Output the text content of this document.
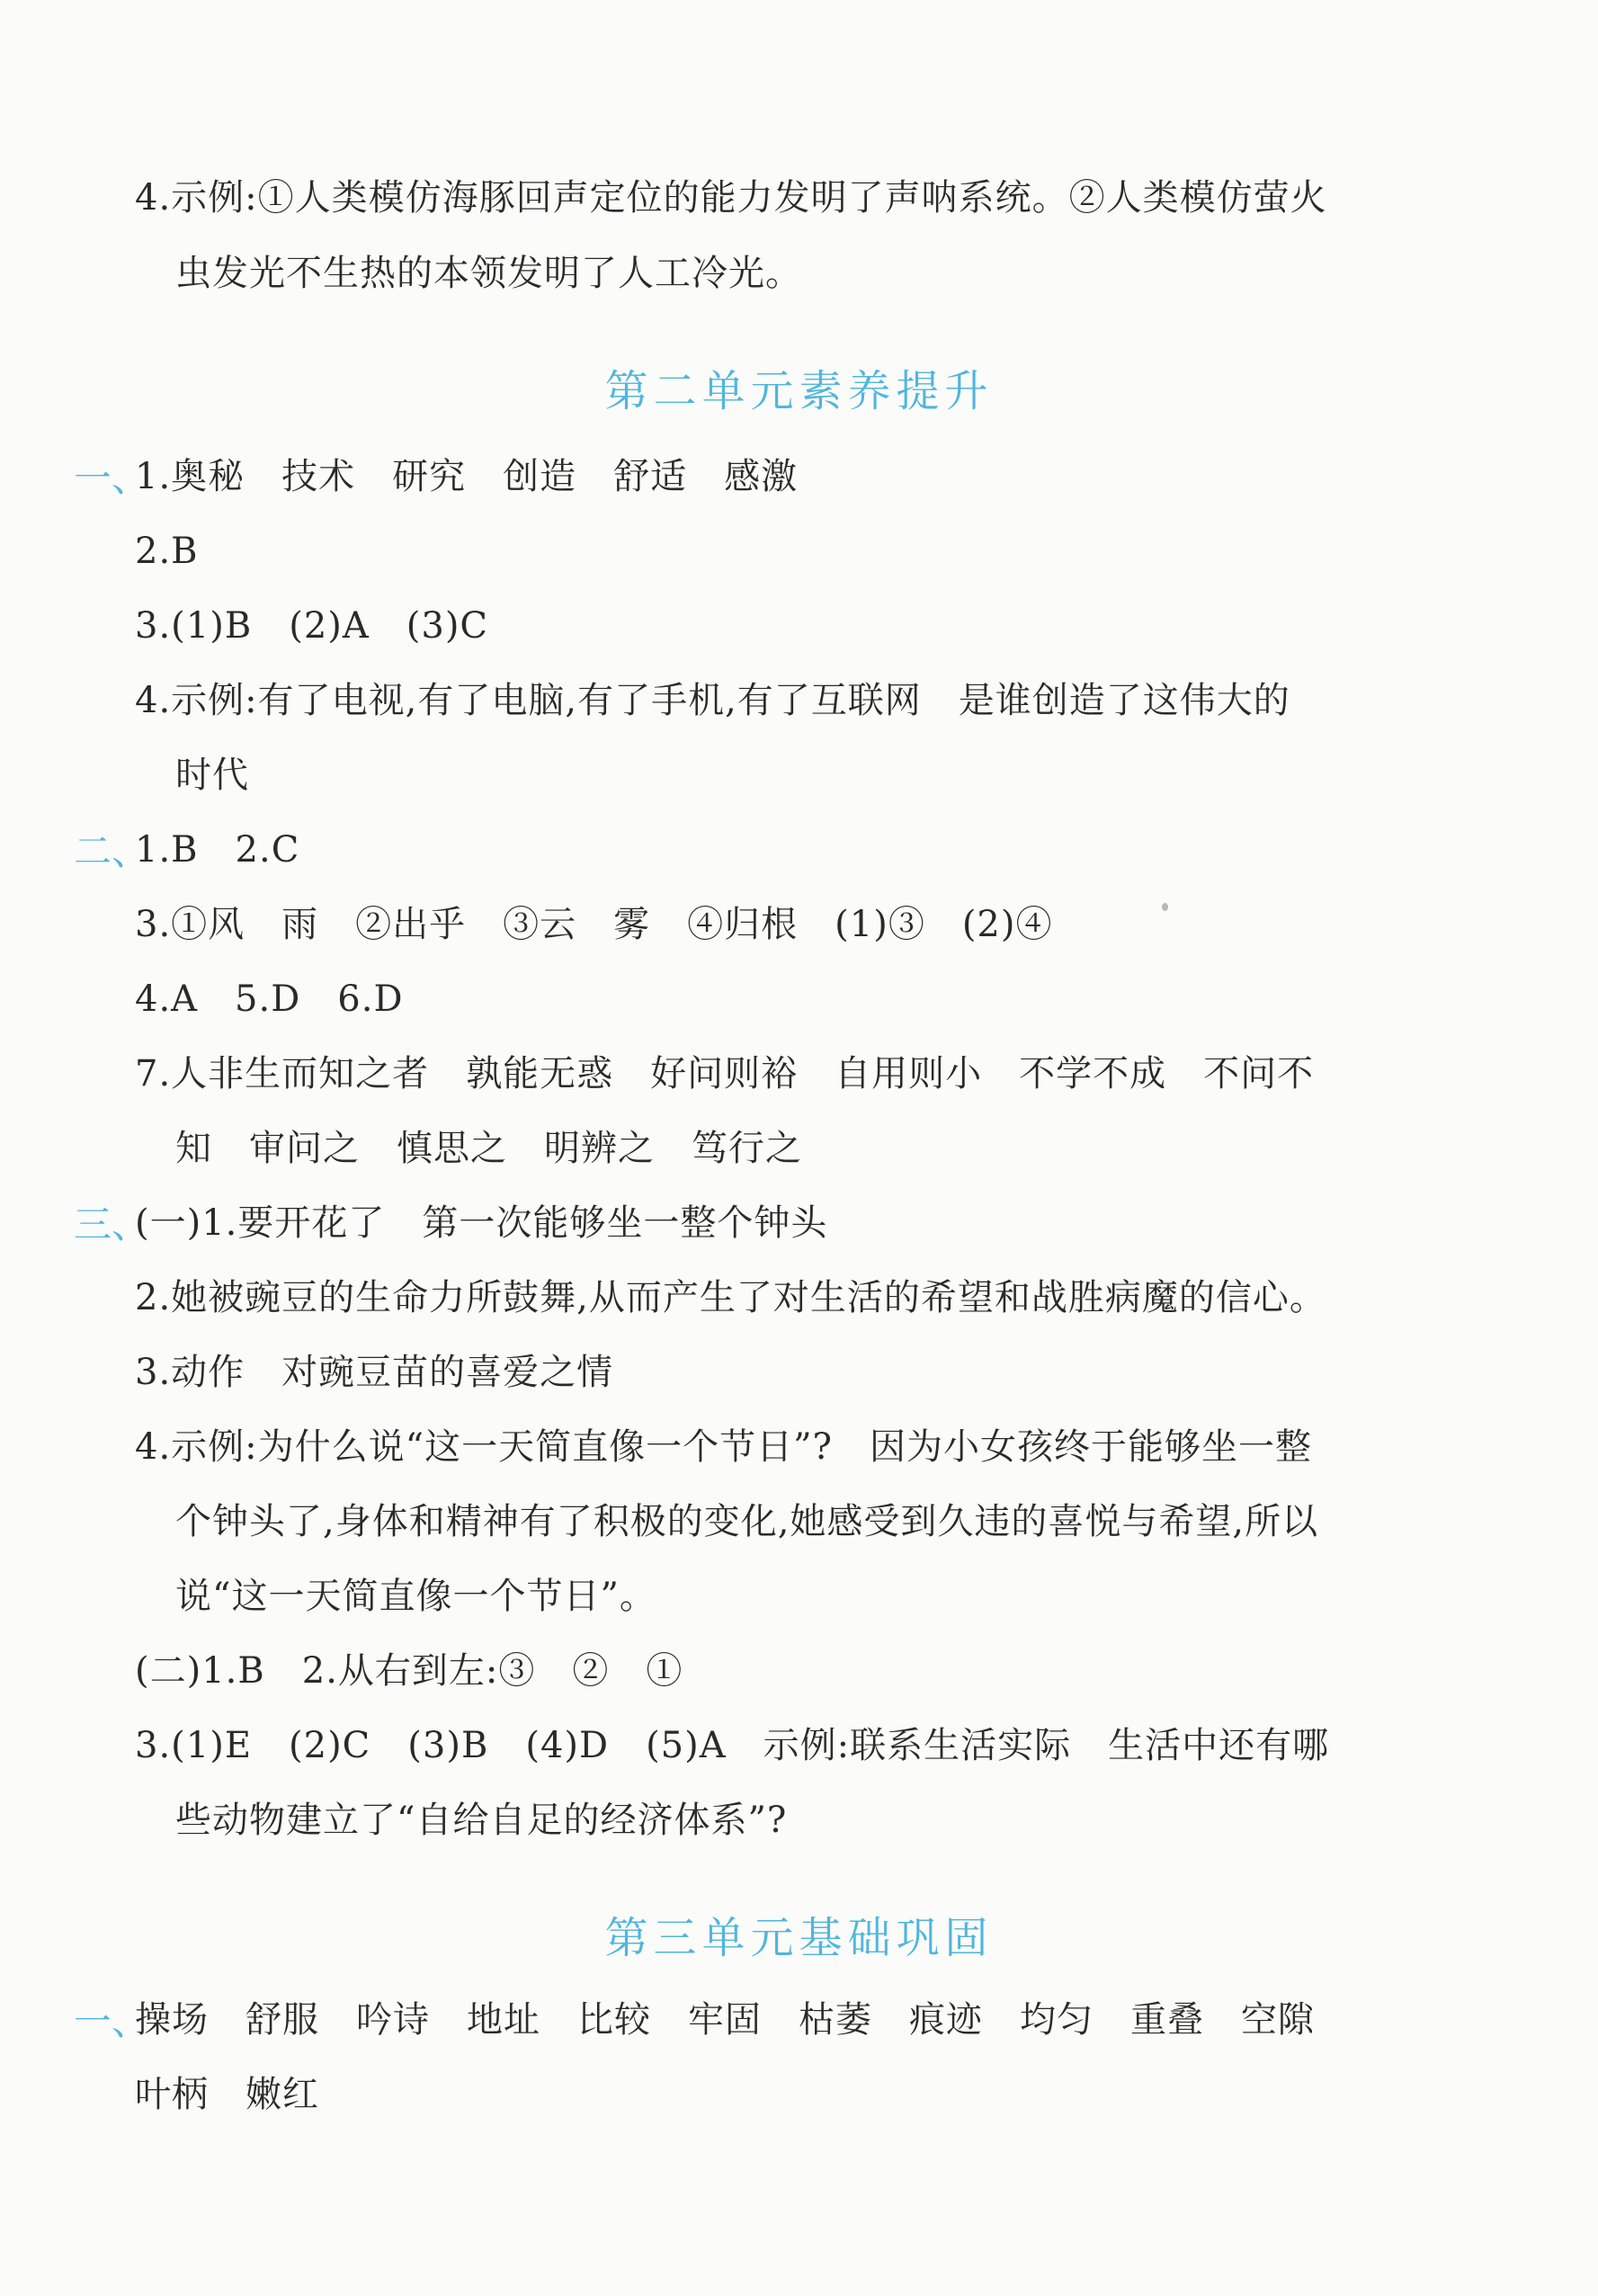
4.示例:①人类模仿海豚回声定位的能力发明了声呐系统。②人类模仿萤火
虫发光不生热的本领发明了人工冷光。
第二单元素养提升
一、
1.奥秘　技术　研究　创造　舒适　感激
2.B
3.(1)B　(2)A　(3)C
4.示例:有了电视,有了电脑,有了手机,有了互联网　是谁创造了这伟大的
时代
二、
1.B　2.C
3.①风　雨　②出乎　③云　雾　④归根　(1)③　(2)④
4.A　5.D　6.D
7.人非生而知之者　孰能无惑　好问则裕　自用则小　不学不成　不问不
知　审问之　慎思之　明辨之　笃行之
三、
(一)1.要开花了　第一次能够坐一整个钟头
2.她被豌豆的生命力所鼓舞,从而产生了对生活的希望和战胜病魔的信心。
3.动作　对豌豆苗的喜爱之情
4.示例:为什么说“这一天简直像一个节日”?　因为小女孩终于能够坐一整
个钟头了,身体和精神有了积极的变化,她感受到久违的喜悦与希望,所以
说“这一天简直像一个节日”。
(二)1.B　2.从右到左:③　②　①
3.(1)E　(2)C　(3)B　(4)D　(5)A　示例:联系生活实际　生活中还有哪
些动物建立了“自给自足的经济体系”?
第三单元基础巩固
一、
操场　舒服　吟诗　地址　比较　牢固　枯萎　痕迹　均匀　重叠　空隙
叶柄　嫩红
